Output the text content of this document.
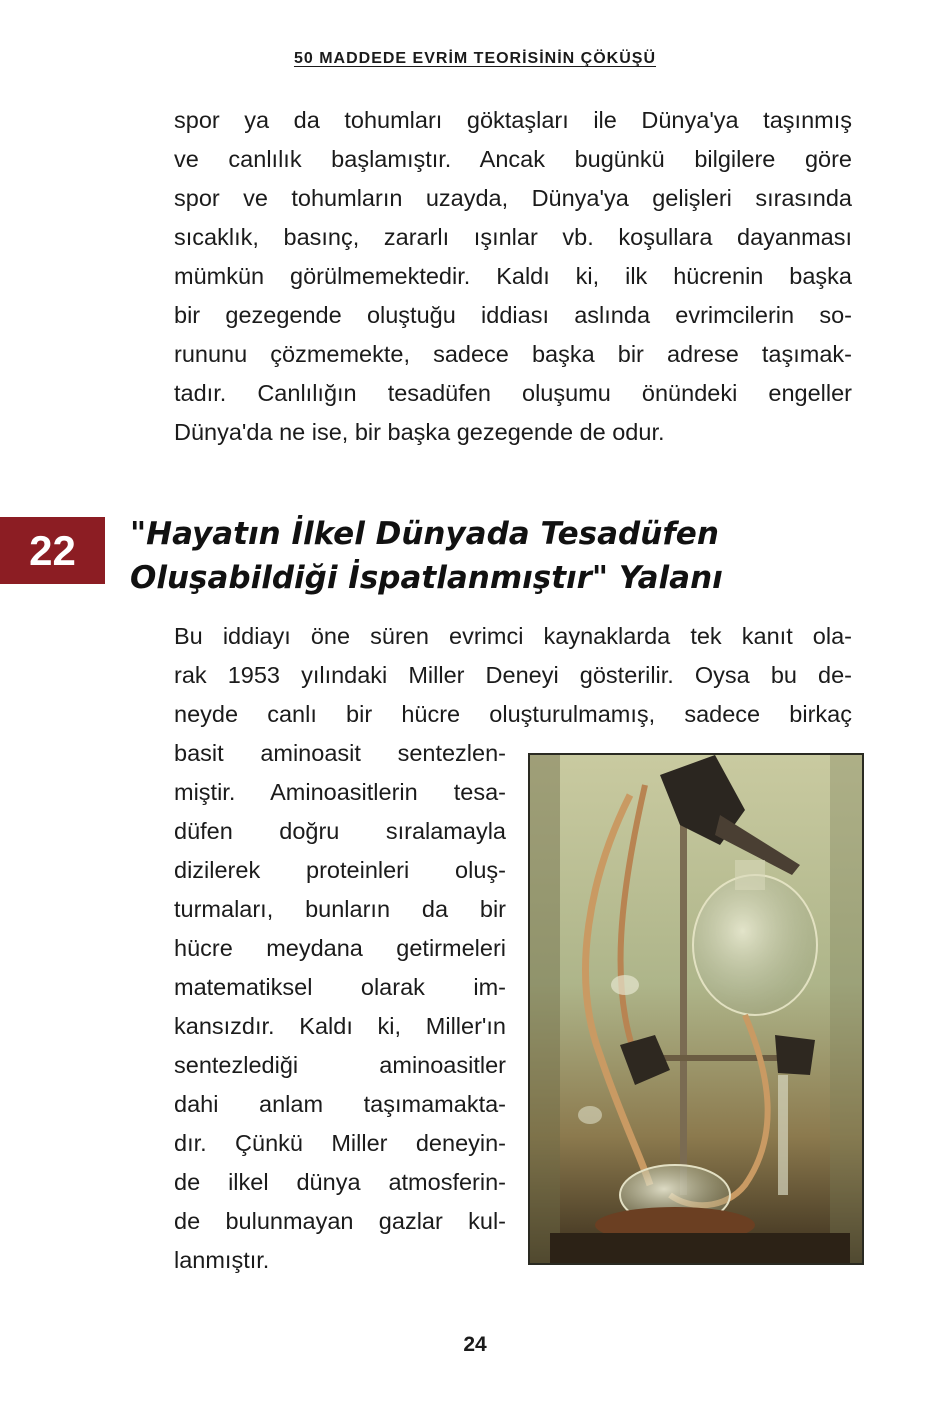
50 MADDEDE EVRİM TEORİSİNİN ÇÖKÜŞÜ

spor ya da tohumları göktaşları ile Dünya'ya taşınmış
ve canlılık başlamıştır. Ancak bugünkü bilgilere göre
spor ve tohumların uzayda, Dünya'ya gelişleri sırasında
sıcaklık, basınç, zararlı ışınlar vb. koşullara dayanması
mümkün görülmemektedir. Kaldı ki, ilk hücrenin başka
bir gezegende oluştuğu iddiası aslında evrimcilerin so-
rununu çözmemekte, sadece başka bir adrese taşımak-
tadır. Canlılığın tesadüfen oluşumu önündeki engeller
Dünya'da ne ise, bir başka gezegende de odur.

22	"Hayatın İlkel Dünyada Tesadüfen
Oluşabildiği İspatlanmıştır" Yalanı

Bu iddiayı öne süren evrimci kaynaklarda tek kanıt ola-
rak 1953 yılındaki Miller Deneyi gösterilir. Oysa bu de-
neyde canlı bir hücre oluşturulmamış, sadece birkaç

basit aminoasit sentezlen-
miştir. Aminoasitlerin tesa-
düfen doğru sıralamayla
dizilerek proteinleri oluş-
turmaları, bunların da bir
hücre meydana getirmeleri
matematiksel olarak im-
kansızdır. Kaldı ki, Miller'ın
sentezlediği aminoasitler
dahi anlam taşımamakta-
dır. Çünkü Miller deneyin-
de ilkel dünya atmosferin-
de bulunmayan gazlar kul-
lanmıştır.

24
